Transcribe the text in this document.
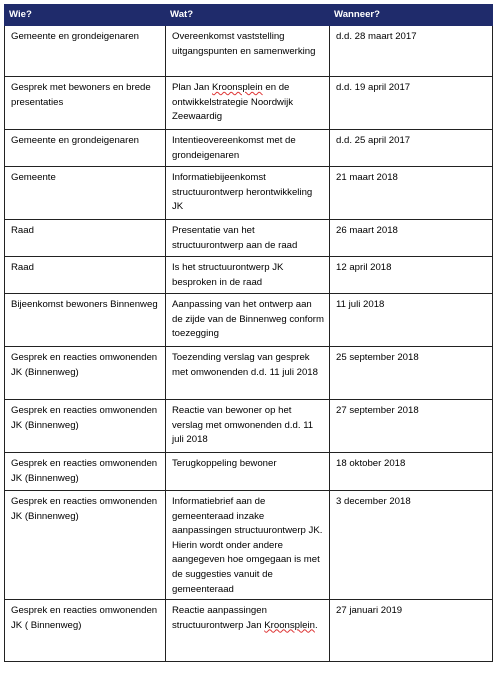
Wie?	Wat?	Wanneer?
Gemeente en grondeigenaren	Overeenkomst vaststelling uitgangspunten en samenwerking	d.d. 28 maart 2017
Gesprek met bewoners en brede presentaties	Plan Jan Kroonsplein en de ontwikkelstrategie Noordwijk Zeewaardig	d.d. 19 april 2017
Gemeente en grondeigenaren	Intentieovereenkomst met de grondeigenaren	d.d. 25 april 2017
Gemeente	Informatiebijeenkomst structuurontwerp herontwikkeling JK	21 maart 2018
Raad	Presentatie van het structuurontwerp aan de raad	26 maart 2018
Raad	Is het structuurontwerp JK besproken in de raad	12 april 2018
Bijeenkomst bewoners Binnenweg	Aanpassing van het ontwerp aan de zijde van de Binnenweg conform toezegging	11 juli 2018
Gesprek en reacties omwonenden JK (Binnenweg)	Toezending verslag van gesprek met omwonenden d.d. 11 juli 2018	25 september 2018
Gesprek en reacties omwonenden JK (Binnenweg)	Reactie van bewoner op het verslag met omwonenden d.d. 11 juli 2018	27 september 2018
Gesprek en reacties omwonenden JK (Binnenweg)	Terugkoppeling bewoner	18 oktober 2018
Gesprek en reacties omwonenden JK (Binnenweg)	Informatiebrief aan de gemeenteraad inzake aanpassingen structuurontwerp JK. Hierin wordt onder andere aangegeven hoe omgegaan is met de suggesties vanuit de gemeenteraad	3 december 2018
Gesprek en reacties omwonenden JK ( Binnenweg)	Reactie aanpassingen structuurontwerp Jan Kroonsplein.	27 januari 2019
